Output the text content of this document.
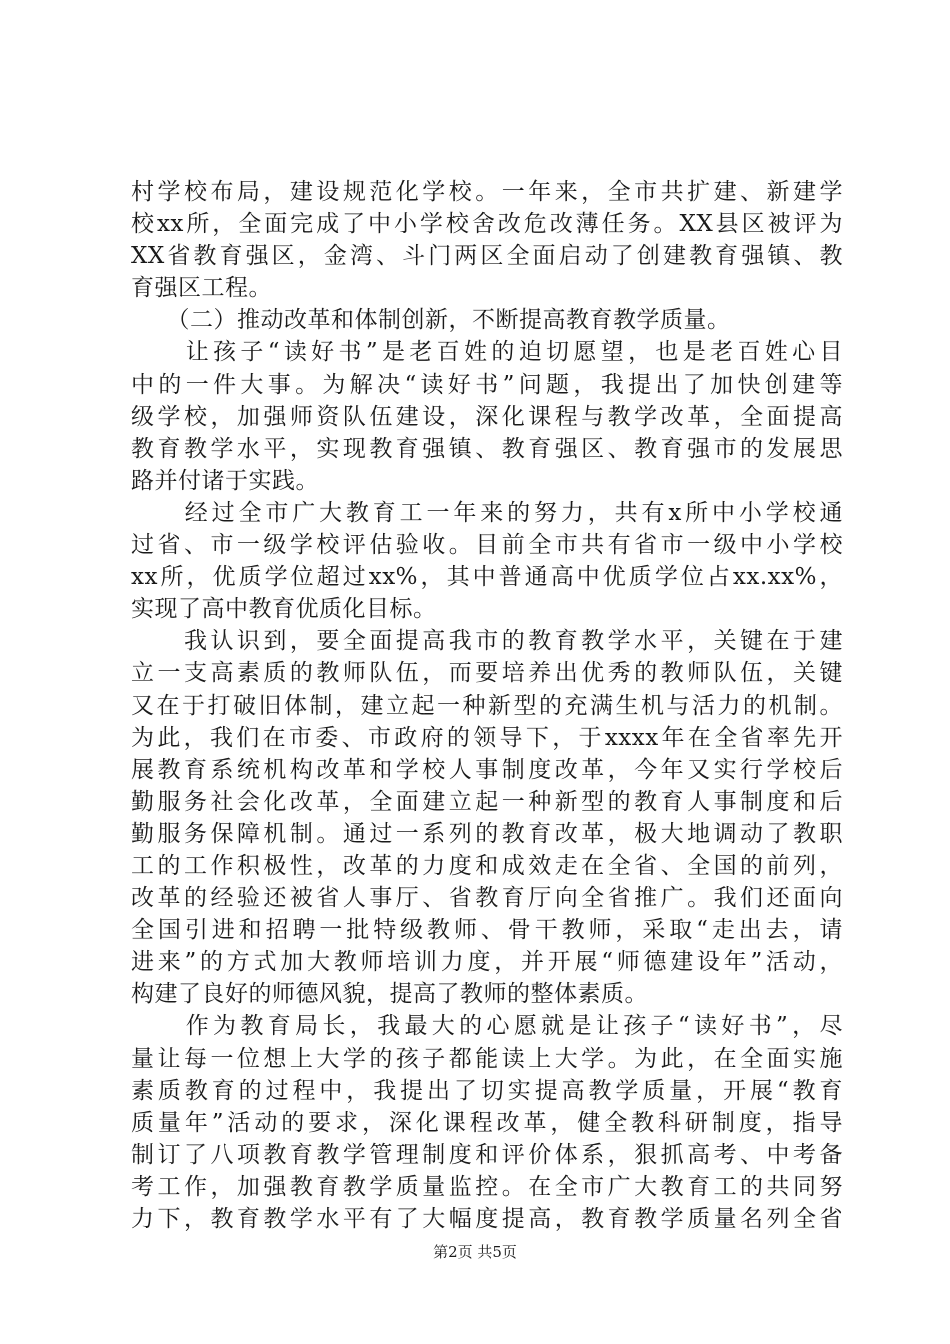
村学校布局，建设规范化学校。一年来，全市共扩建、新建学
校xx所，全面完成了中小学校舍改危改薄任务。XX县区被评为
XX省教育强区，金湾、斗门两区全面启动了创建教育强镇、教
育强区工程。
　　（二）推动改革和体制创新，不断提高教育教学质量。
　　让孩子“读好书”是老百姓的迫切愿望，也是老百姓心目
中的一件大事。为解决“读好书”问题，我提出了加快创建等
级学校，加强师资队伍建设，深化课程与教学改革，全面提高
教育教学水平，实现教育强镇、教育强区、教育强市的发展思
路并付诸于实践。
　　经过全市广大教育工一年来的努力，共有x所中小学校通
过省、市一级学校评估验收。目前全市共有省市一级中小学校
xx所，优质学位超过xx%，其中普通高中优质学位占xx.xx%，
实现了高中教育优质化目标。
　　我认识到，要全面提高我市的教育教学水平，关键在于建
立一支高素质的教师队伍，而要培养出优秀的教师队伍，关键
又在于打破旧体制，建立起一种新型的充满生机与活力的机制。
为此，我们在市委、市政府的领导下，于xxxx年在全省率先开
展教育系统机构改革和学校人事制度改革，今年又实行学校后
勤服务社会化改革，全面建立起一种新型的教育人事制度和后
勤服务保障机制。通过一系列的教育改革，极大地调动了教职
工的工作积极性，改革的力度和成效走在全省、全国的前列，
改革的经验还被省人事厅、省教育厅向全省推广。我们还面向
全国引进和招聘一批特级教师、骨干教师，采取“走出去，请
进来”的方式加大教师培训力度，并开展“师德建设年”活动，
构建了良好的师德风貌，提高了教师的整体素质。
　　作为教育局长，我最大的心愿就是让孩子“读好书”，尽
量让每一位想上大学的孩子都能读上大学。为此，在全面实施
素质教育的过程中，我提出了切实提高教学质量，开展“教育
质量年”活动的要求，深化课程改革，健全教科研制度，指导
制订了八项教育教学管理制度和评价体系，狠抓高考、中考备
考工作，加强教育教学质量监控。在全市广大教育工的共同努
力下，教育教学水平有了大幅度提高，教育教学质量名列全省
第2页 共5页
